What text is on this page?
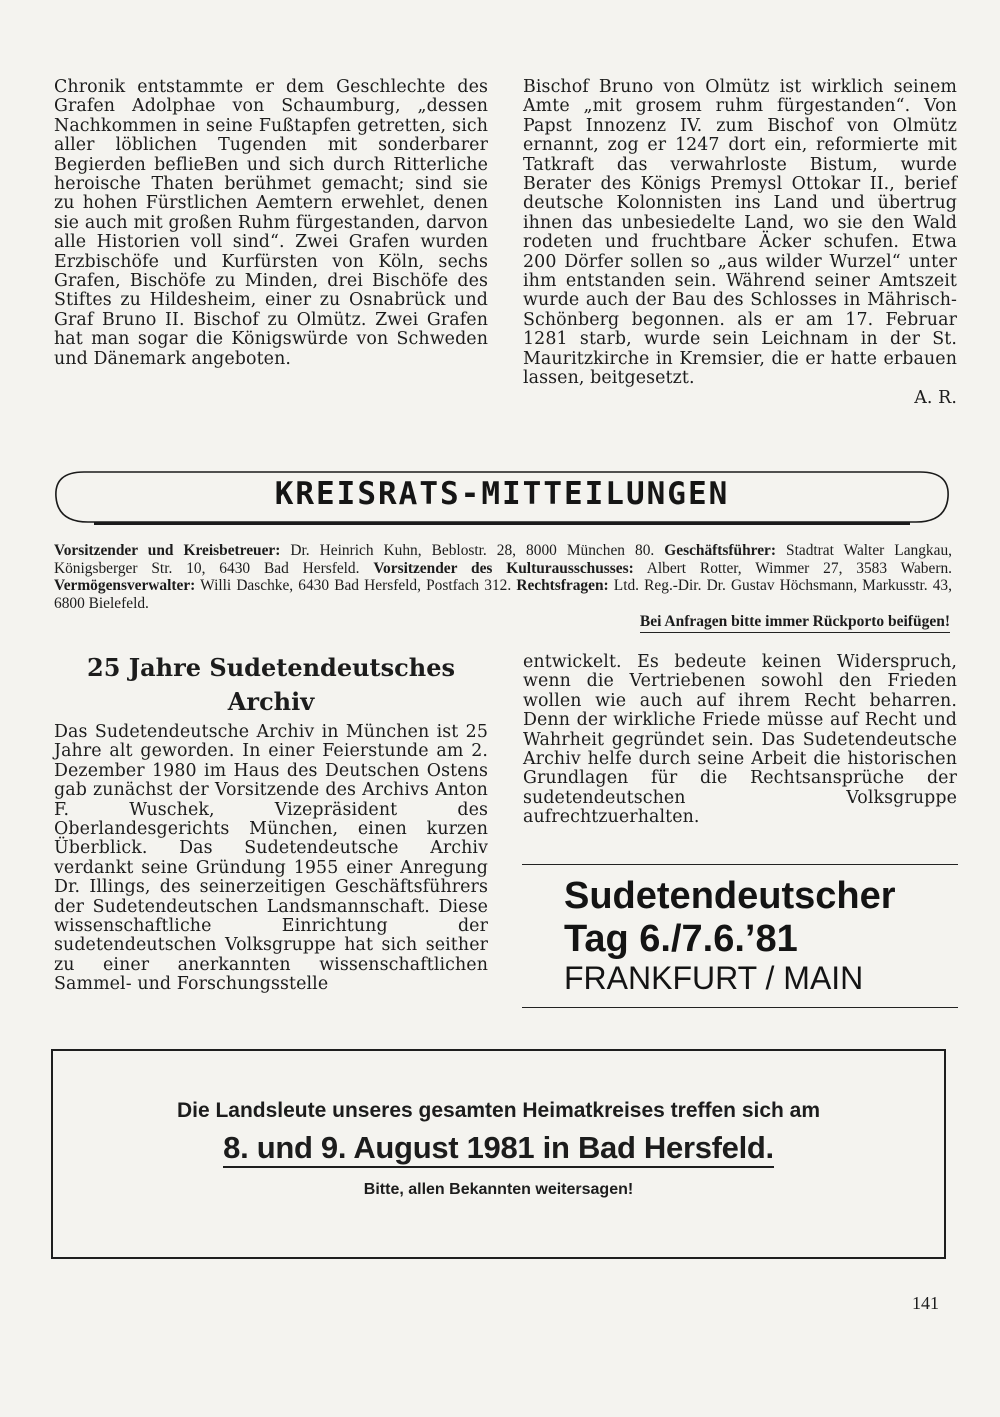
Chronik entstammte er dem Geschlechte des Grafen Adolphae von Schaumburg, „dessen Nachkommen in seine Fußtapfen getretten, sich aller löblichen Tugenden mit sonderbarer Begierden beflieBen und sich durch Ritterliche heroische Thaten berühmet gemacht; sind sie zu hohen Fürstlichen Aemtern erwehlet, denen sie auch mit großen Ruhm fürgestanden, darvon alle Historien voll sind“. Zwei Grafen wurden Erzbischöfe und Kurfürsten von Köln, sechs Grafen, Bischöfe zu Minden, drei Bischöfe des Stiftes zu Hildesheim, einer zu Osnabrück und Graf Bruno II. Bischof zu Olmütz. Zwei Grafen hat man sogar die Königswürde von Schweden und Dänemark angeboten.

Bischof Bruno von Olmütz ist wirklich seinem Amte „mit grosem ruhm fürgestanden“. Von Papst Innozenz IV. zum Bischof von Olmütz ernannt, zog er 1247 dort ein, reformierte mit Tatkraft das verwahrloste Bistum, wurde Berater des Königs Premysl Ottokar II., berief deutsche Kolonnisten ins Land und übertrug ihnen das unbesiedelte Land, wo sie den Wald rodeten und fruchtbare Äcker schufen. Etwa 200 Dörfer sollen so „aus wilder Wurzel“ unter ihm entstanden sein. Während seiner Amtszeit wurde auch der Bau des Schlosses in Mährisch-Schönberg begonnen. als er am 17. Februar 1281 starb, wurde sein Leichnam in der St. Mauritzkirche in Kremsier, die er hatte erbauen lassen, beitgesetzt.

A. R.

KREISRATS-MITTEILUNGEN
Vorsitzender und Kreisbetreuer: Dr. Heinrich Kuhn, Beblostr. 28, 8000 München 80. Geschäftsführer: Stadtrat Walter Langkau, Königsberger Str. 10, 6430 Bad Hersfeld. Vorsitzender des Kulturausschusses: Albert Rotter, Wimmer 27, 3583 Wabern. Vermögensverwalter: Willi Daschke, 6430 Bad Hersfeld, Postfach 312. Rechtsfragen: Ltd. Reg.-Dir. Dr. Gustav Höchsmann, Markusstr. 43, 6800 Bielefeld.
Bei Anfragen bitte immer Rückporto beifügen!
25 Jahre Sudetendeutsches Archiv

Das Sudetendeutsche Archiv in München ist 25 Jahre alt geworden. In einer Feierstunde am 2. Dezember 1980 im Haus des Deutschen Ostens gab zunächst der Vorsitzende des Archivs Anton F. Wuschek, Vizepräsident des Oberlandesgerichts München, einen kurzen Überblick. Das Sudetendeutsche Archiv verdankt seine Gründung 1955 einer Anregung Dr. Illings, des seinerzeitigen Geschäftsführers der Sudetendeutschen Landsmannschaft. Diese wissenschaftliche Einrichtung der sudetendeutschen Volksgruppe hat sich seither zu einer anerkannten wissenschaftlichen Sammel- und Forschungsstelle

entwickelt. Es bedeute keinen Widerspruch, wenn die Vertriebenen sowohl den Frieden wollen wie auch auf ihrem Recht beharren. Denn der wirkliche Friede müsse auf Recht und Wahrheit gegründet sein. Das Sudetendeutsche Archiv helfe durch seine Arbeit die historischen Grundlagen für die Rechtsansprüche der sudetendeutschen Volksgruppe aufrechtzuerhalten.

Sudetendeutscher
Tag 6./7.6.’81
FRANKFURT / MAIN
Die Landsleute unseres gesamten Heimatkreises treffen sich am
8. und 9. August 1981 in Bad Hersfeld.
Bitte, allen Bekannten weitersagen!
141
